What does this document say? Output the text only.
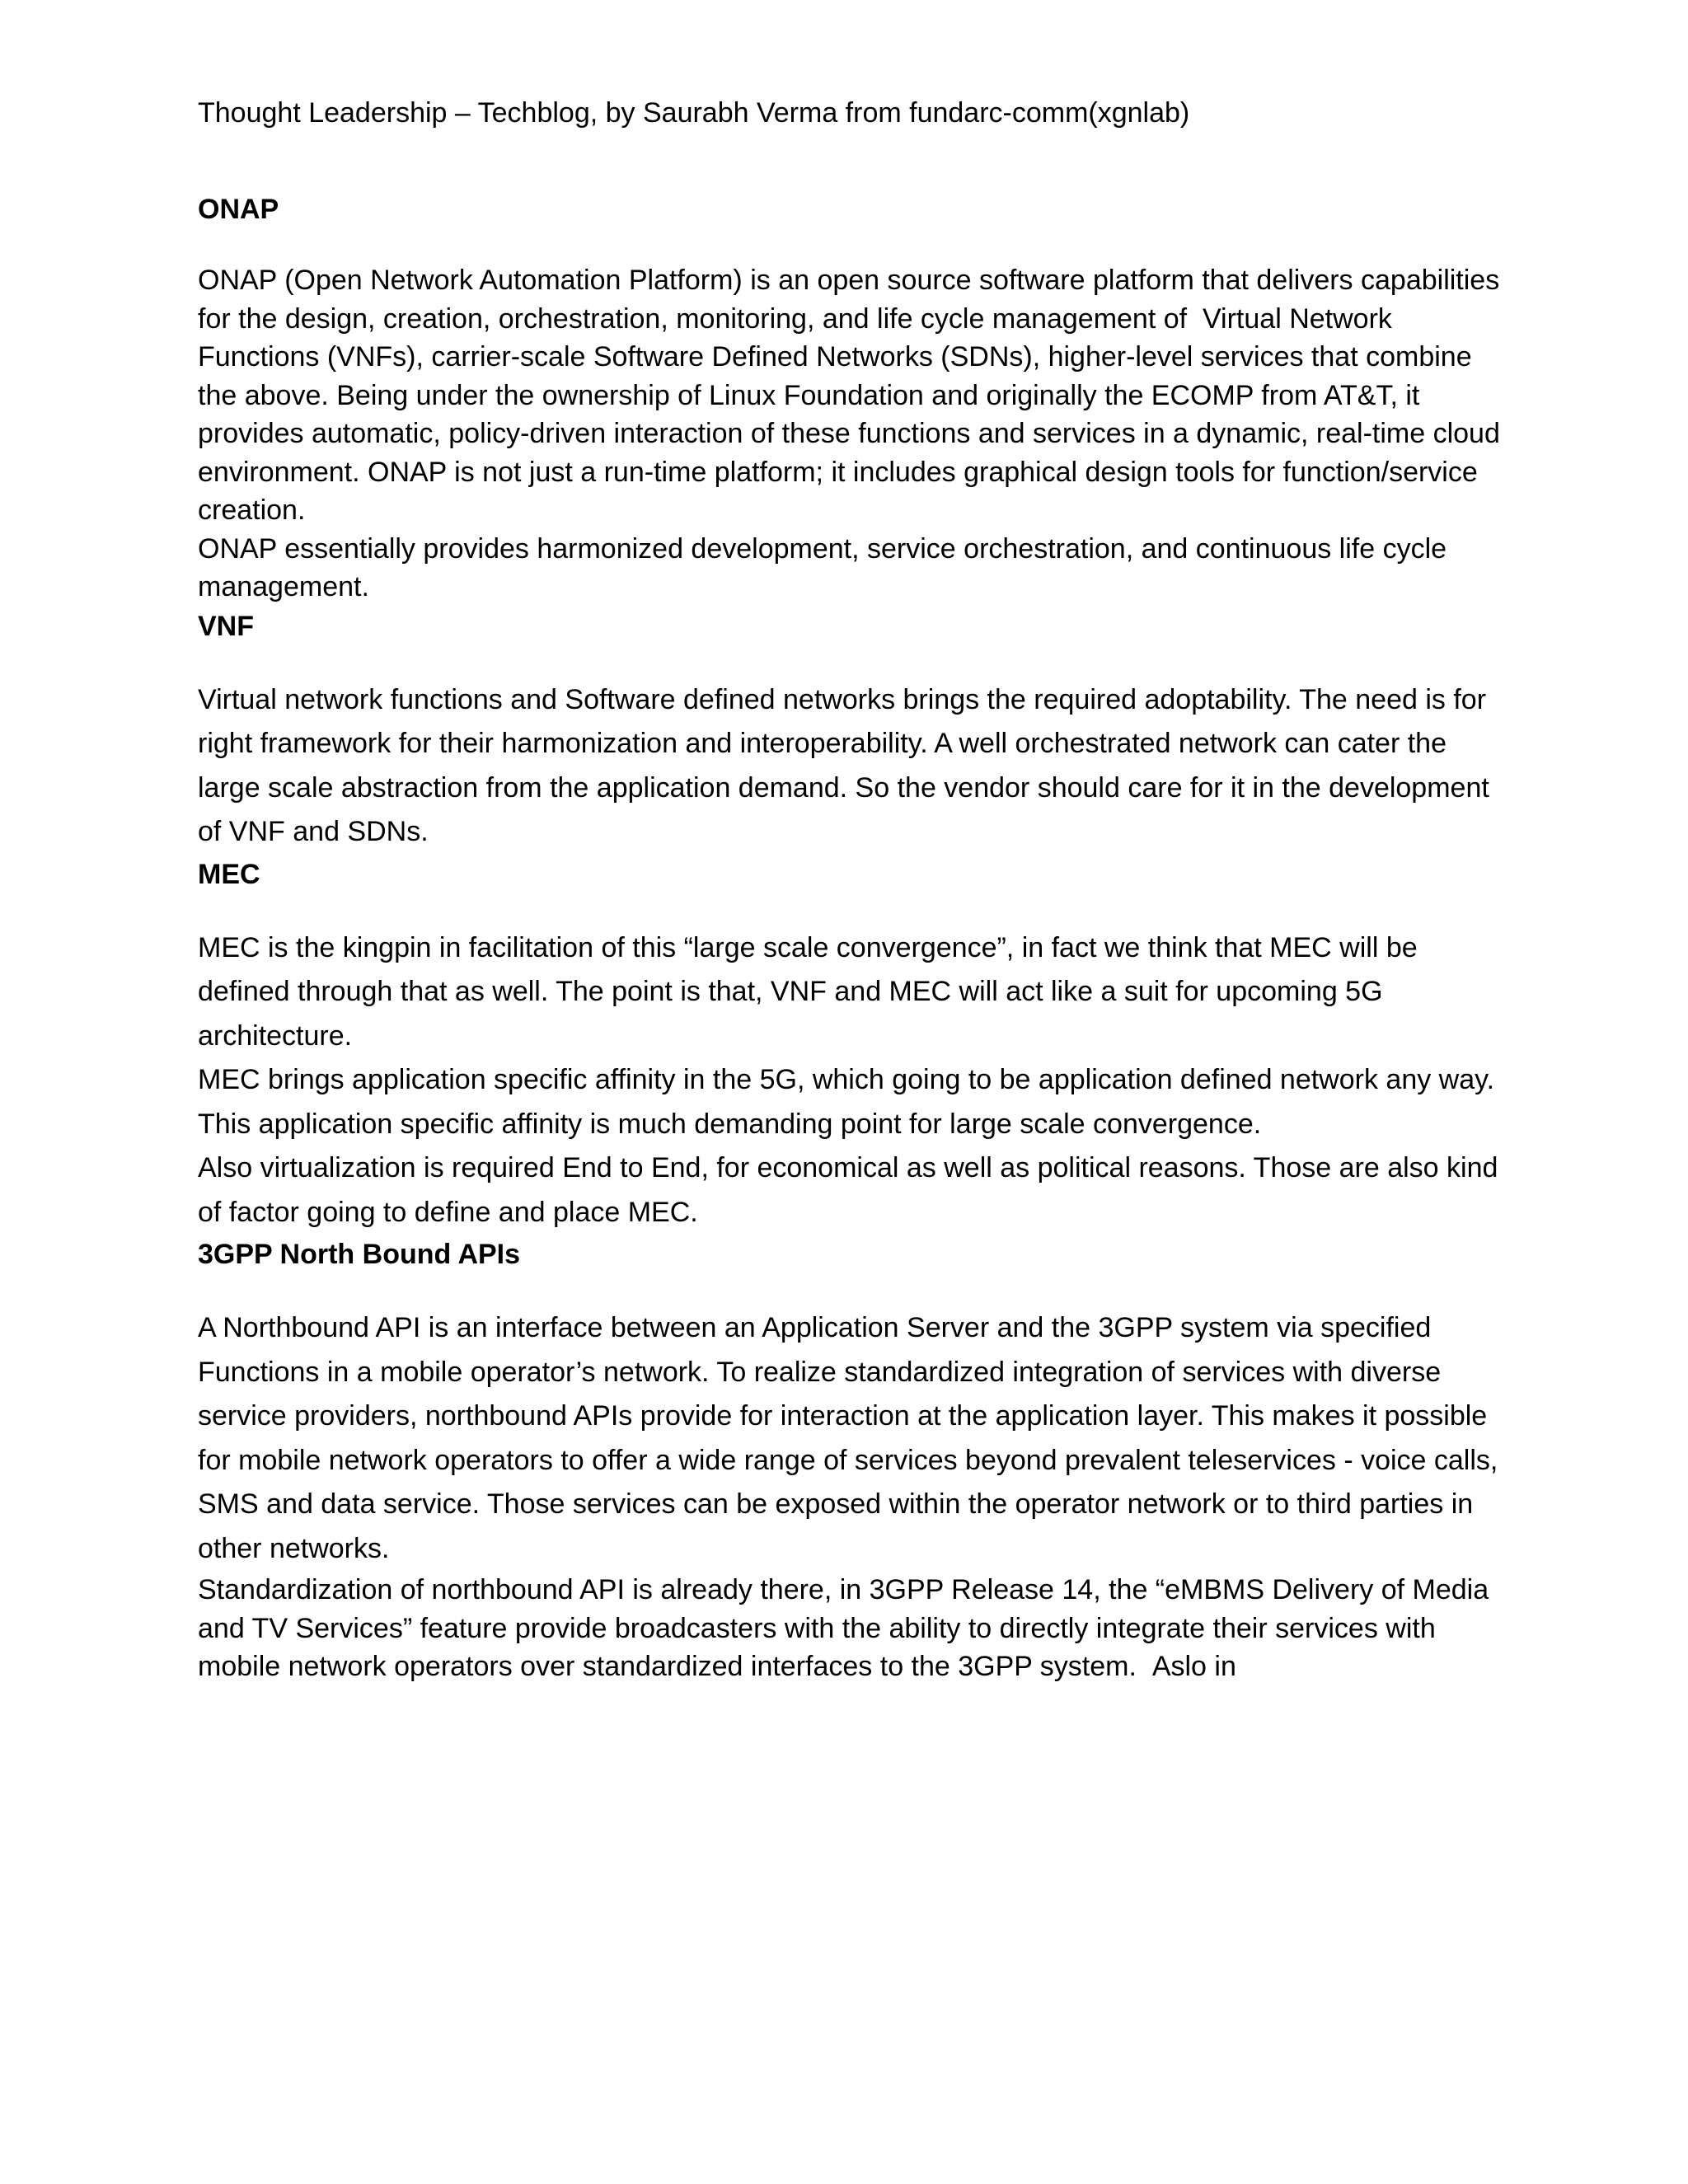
Thought Leadership – Techblog, by Saurabh Verma from fundarc-comm(xgnlab)
ONAP

ONAP (Open Network Automation Platform) is an open source software platform that delivers capabilities for the design, creation, orchestration, monitoring, and life cycle management of  Virtual Network Functions (VNFs), carrier-scale Software Defined Networks (SDNs), higher-level services that combine the above. Being under the ownership of Linux Foundation and originally the ECOMP from AT&T, it provides automatic, policy-driven interaction of these functions and services in a dynamic, real-time cloud environment. ONAP is not just a run-time platform; it includes graphical design tools for function/service creation.

ONAP essentially provides harmonized development, service orchestration, and continuous life cycle management.

VNF

Virtual network functions and Software defined networks brings the required adoptability. The need is for right framework for their harmonization and interoperability. A well orchestrated network can cater the large scale abstraction from the application demand. So the vendor should care for it in the development of VNF and SDNs.

MEC

MEC is the kingpin in facilitation of this “large scale convergence”, in fact we think that MEC will be defined through that as well. The point is that, VNF and MEC will act like a suit for upcoming 5G architecture.

MEC brings application specific affinity in the 5G, which going to be application defined network any way. This application specific affinity is much demanding point for large scale convergence.

Also virtualization is required End to End, for economical as well as political reasons. Those are also kind of factor going to define and place MEC.

3GPP North Bound APIs

A Northbound API is an interface between an Application Server and the 3GPP system via specified Functions in a mobile operator’s network. To realize standardized integration of services with diverse service providers, northbound APIs provide for interaction at the application layer. This makes it possible for mobile network operators to offer a wide range of services beyond prevalent teleservices - voice calls, SMS and data service. Those services can be exposed within the operator network or to third parties in other networks.

Standardization of northbound API is already there, in 3GPP Release 14, the “eMBMS Delivery of Media and TV Services” feature provide broadcasters with the ability to directly integrate their services with mobile network operators over standardized interfaces to the 3GPP system.  Aslo in
